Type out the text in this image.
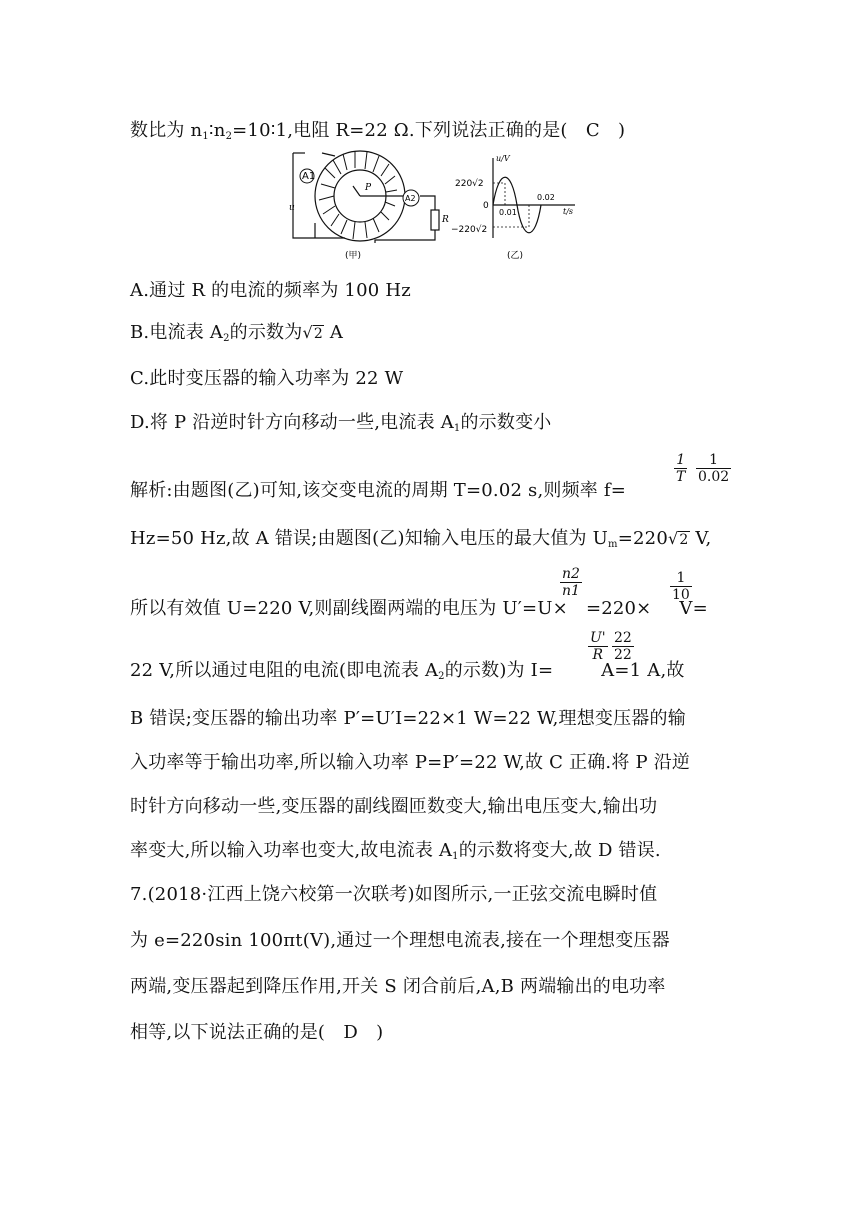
数比为 $n_1∶n_2=10∶1$,电阻 R=22 Ω.下列说法正确的是(　C　)
A1
A2
u
P
R
(甲)
u/V
t/s
220√2
0
−220√2
0.01
0.02
(乙)
A.通过 R 的电流的频率为 100 Hz
B.电流表 $A_2$的示数为√2 A
C.此时变压器的输入功率为 22 W
D.将 P 沿逆时针方向移动一些,电流表 $A_1$的示数变小
解析:由题图(乙)可知,该交变电流的周期 T=0.02 s,则频率 f=
$\frac{1}{T} \frac{1}{0.02}$
Hz=50 Hz,故 A 错误;由题图(乙)知输入电压的最大值为 $U_m=220√2$ V,
所以有效值 U=220 V,则副线圈两端的电压为 U′=U× =220× V=
$\frac{n2}{n1}$	$\frac{1}{10}$
22 V,所以通过电阻的电流(即电流表 $A_2$的示数)为 I= A=1 A,故
$\frac{U'}{R} \frac{22}{22}$
B 错误;变压器的输出功率 P′=U′I=22×1 W=22 W,理想变压器的输
入功率等于输出功率,所以输入功率 P=P′=22 W,故 C 正确.将 P 沿逆
时针方向移动一些,变压器的副线圈匝数变大,输出电压变大,输出功
率变大,所以输入功率也变大,故电流表 $A_1$的示数将变大,故 D 错误.
7.(2018·江西上饶六校第一次联考)如图所示,一正弦交流电瞬时值
为 e=220sin 100πt(V),通过一个理想电流表,接在一个理想变压器
两端,变压器起到降压作用,开关 S 闭合前后,A,B 两端输出的电功率
相等,以下说法正确的是(　D　)
